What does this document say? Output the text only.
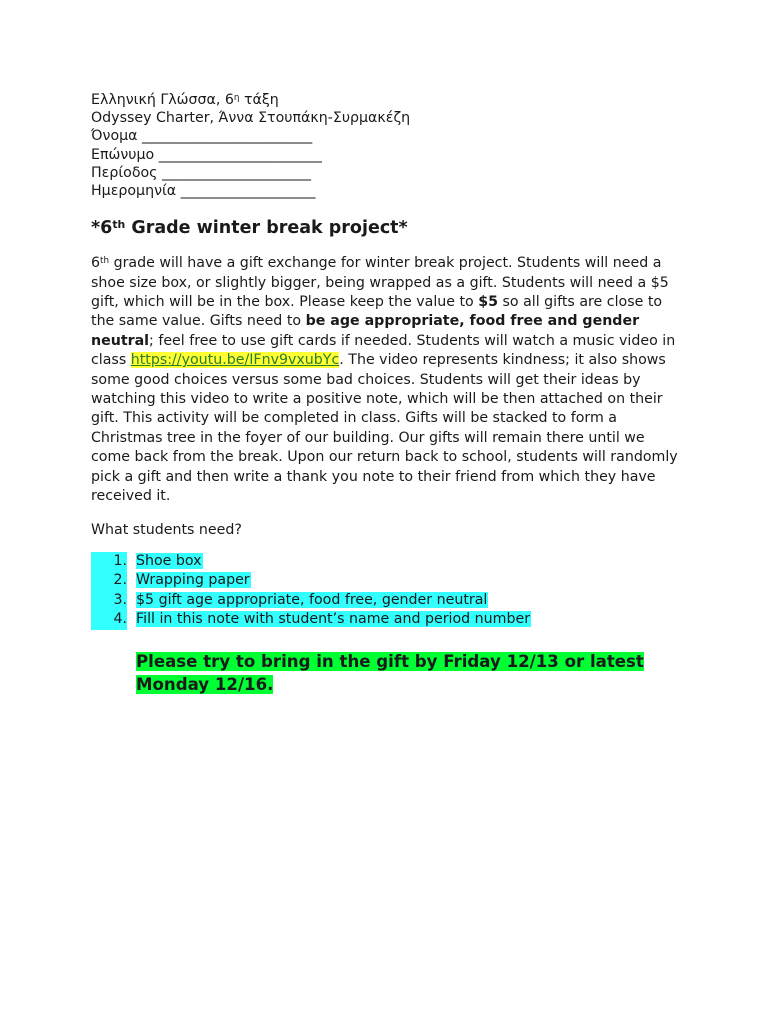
Ελληνική Γλώσσα, $6^\eta$ τάξη
Odyssey Charter, Άννα Στουπάκη-Συρμακέζη
Όνομα ________________________
Επώνυμο _______________________
Περίοδος _____________________
Ημερομηνία ___________________
*6th Grade winter break project*
6th grade will have a gift exchange for winter break project. Students will need a shoe size box, or slightly bigger, being wrapped as a gift. Students will need a $5 gift, which will be in the box. Please keep the value to $5 so all gifts are close to the same value. Gifts need to be age appropriate, food free and gender neutral; feel free to use gift cards if needed. Students will watch a music video in class https://youtu.be/IFnv9vxubYc. The video represents kindness; it also shows some good choices versus some bad choices. Students will get their ideas by watching this video to write a positive note, which will be then attached on their gift. This activity will be completed in class. Gifts will be stacked to form a Christmas tree in the foyer of our building. Our gifts will remain there until we come back from the break. Upon our return back to school, students will randomly pick a gift and then write a thank you note to their friend from which they have received it.
What students need?
1. Shoe box
2. Wrapping paper
3. $5 gift age appropriate, food free, gender neutral
4. Fill in this note with student’s name and period number
Please try to bring in the gift by Friday 12/13 or latest Monday 12/16.
